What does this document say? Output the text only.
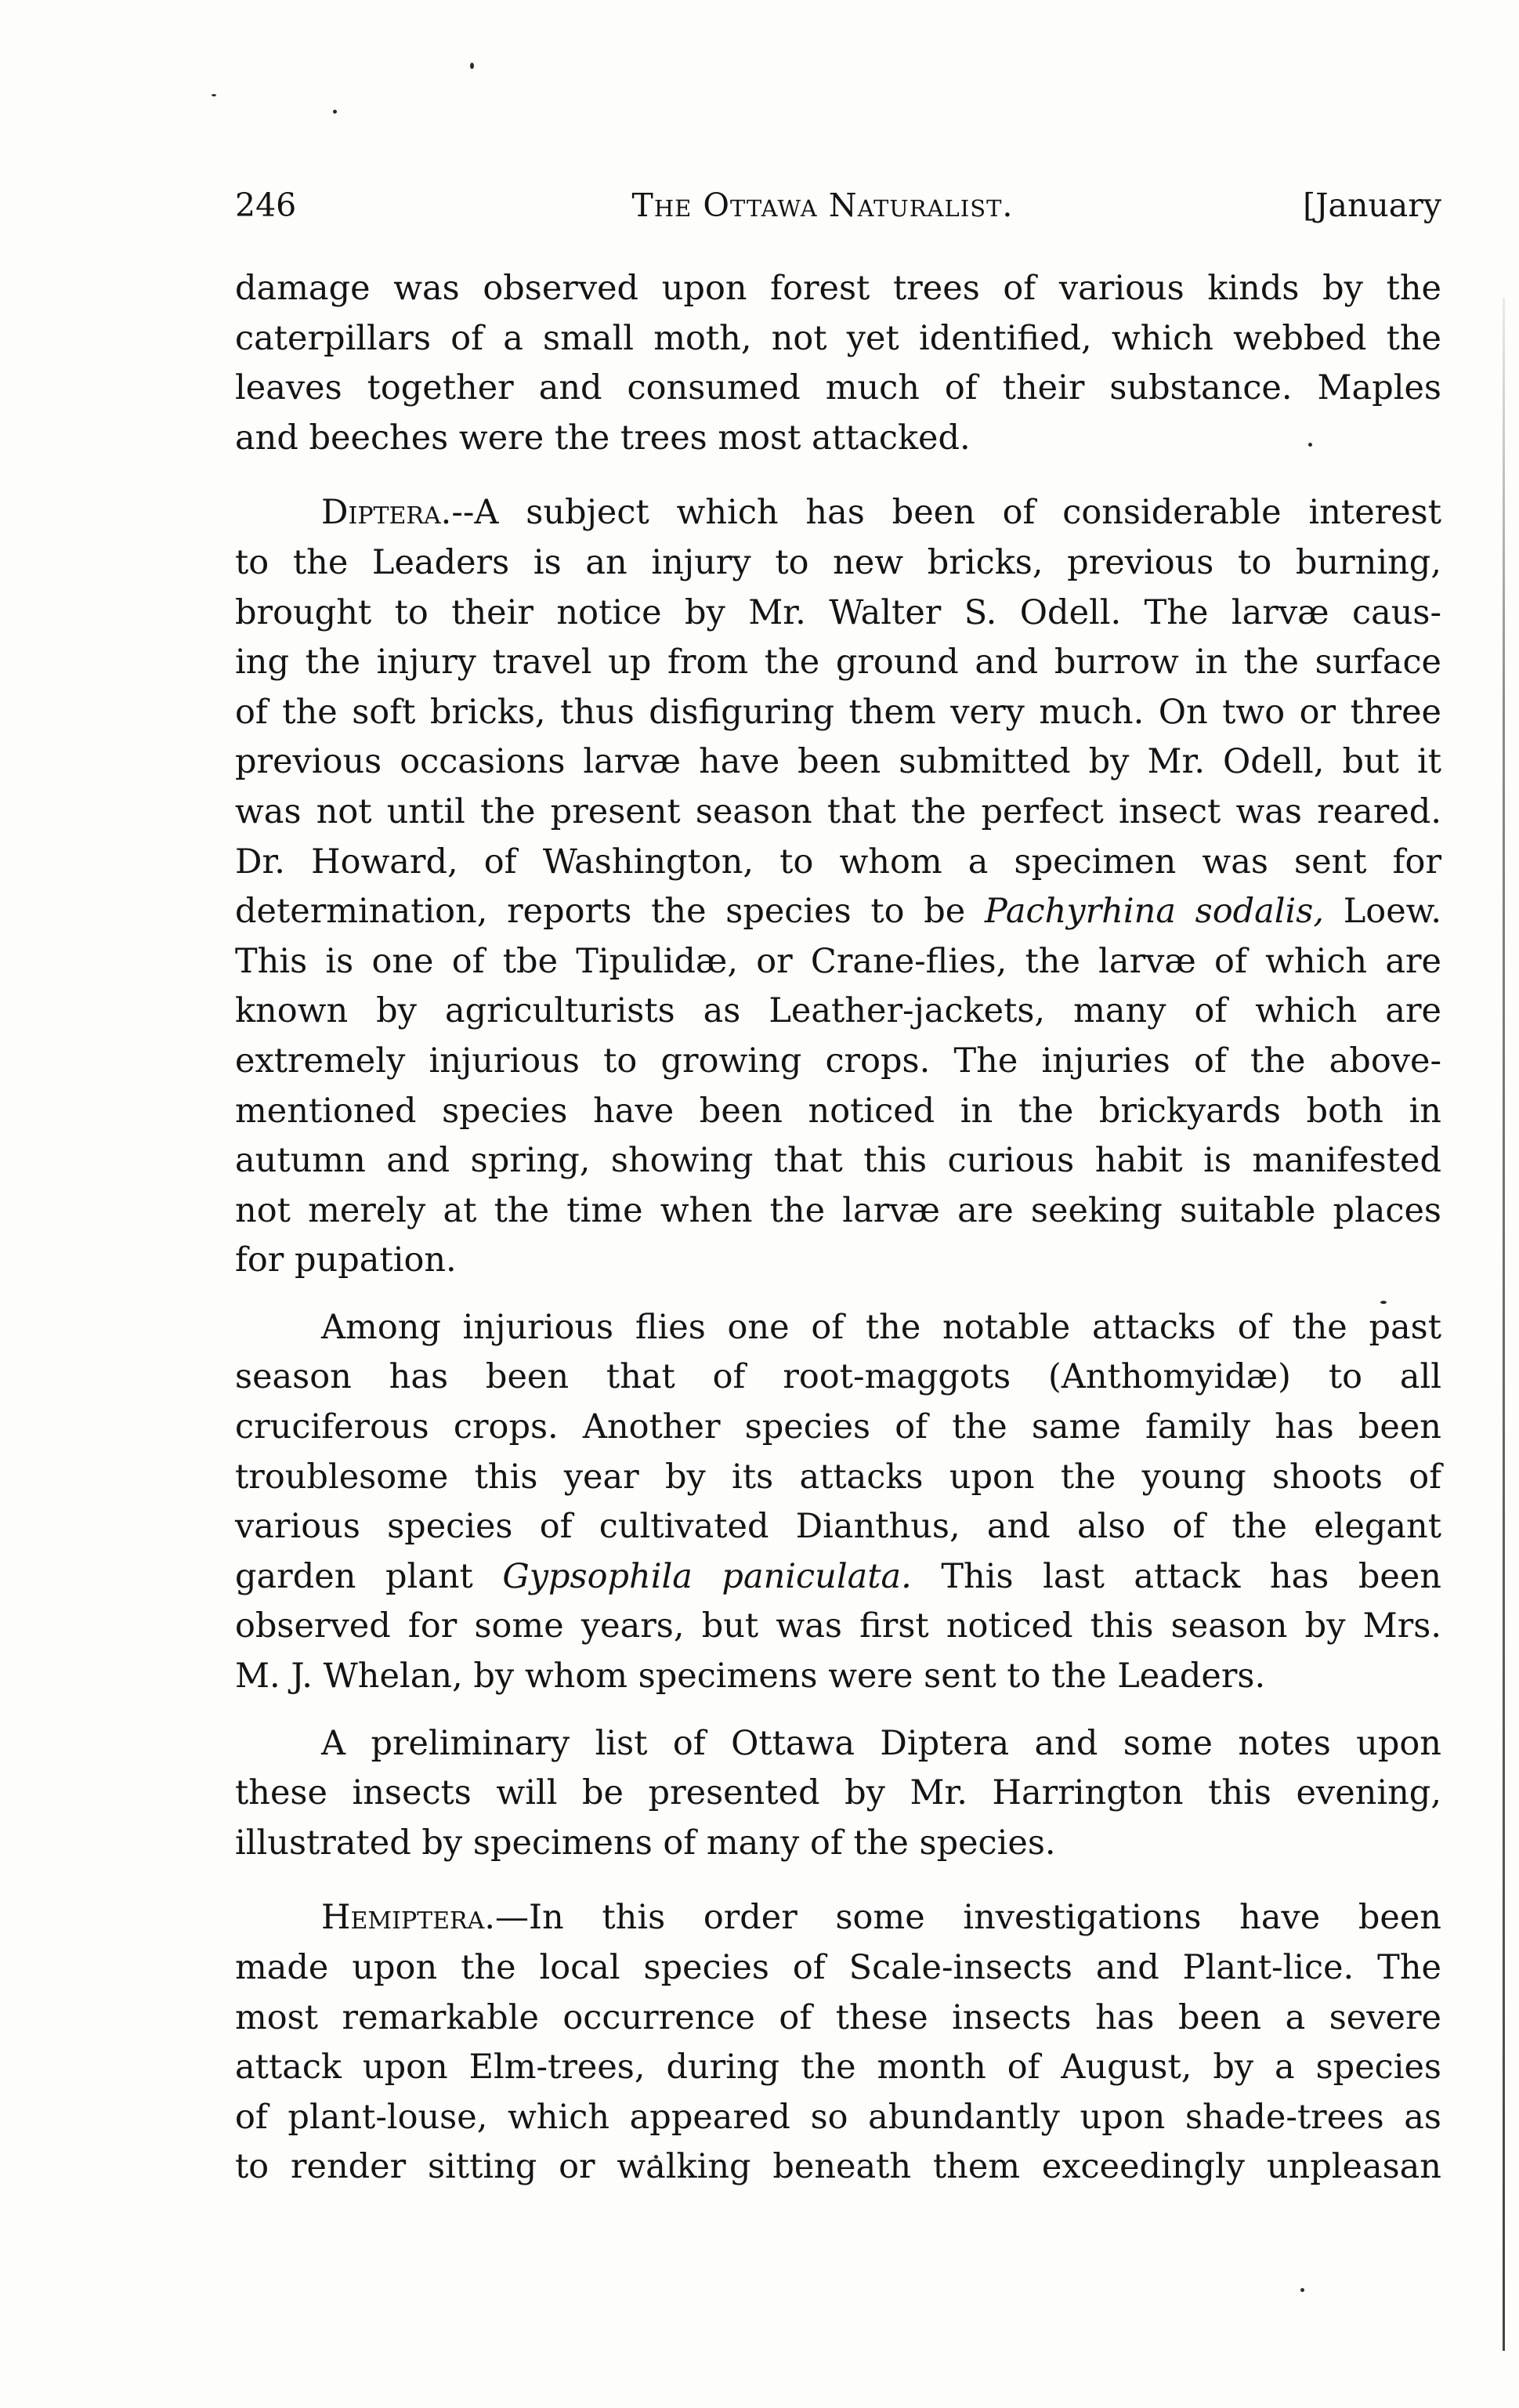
246	The Ottawa Naturalist.	[January
damage was observed upon forest trees of various kinds by the
caterpillars of a small moth, not yet identified, which webbed the
leaves together and consumed much of their substance. Maples
and beeches were the trees most attacked.
Diptera.--A subject which has been of considerable interest
to the Leaders is an injury to new bricks, previous to burning,
brought to their notice by Mr. Walter S. Odell. The larvæ caus-
ing the injury travel up from the ground and burrow in the surface
of the soft bricks, thus disfiguring them very much. On two or three
previous occasions larvæ have been submitted by Mr. Odell, but it
was not until the present season that the perfect insect was reared.
Dr. Howard, of Washington, to whom a specimen was sent for
determination, reports the species to be Pachyrhina sodalis, Loew.
This is one of tbe Tipulidæ, or Crane-flies, the larvæ of which are
known by agriculturists as Leather-jackets, many of which are
extremely injurious to growing crops. The injuries of the above-
mentioned species have been noticed in the brickyards both in
autumn and spring, showing that this curious habit is manifested
not merely at the time when the larvæ are seeking suitable places
for pupation.
Among injurious flies one of the notable attacks of the past
season has been that of root-maggots (Anthomyidæ) to all
cruciferous crops. Another species of the same family has been
troublesome this year by its attacks upon the young shoots of
various species of cultivated Dianthus, and also of the elegant
garden plant Gypsophila paniculata. This last attack has been
observed for some years, but was first noticed this season by Mrs.
M. J. Whelan, by whom specimens were sent to the Leaders.
A preliminary list of Ottawa Diptera and some notes upon
these insects will be presented by Mr. Harrington this evening,
illustrated by specimens of many of the species.
Hemiptera.—In this order some investigations have been
made upon the local species of Scale-insects and Plant-lice. The
most remarkable occurrence of these insects has been a severe
attack upon Elm-trees, during the month of August, by a species
of plant-louse, which appeared so abundantly upon shade-trees as
to render sitting or walking beneath them exceedingly unpleasan
